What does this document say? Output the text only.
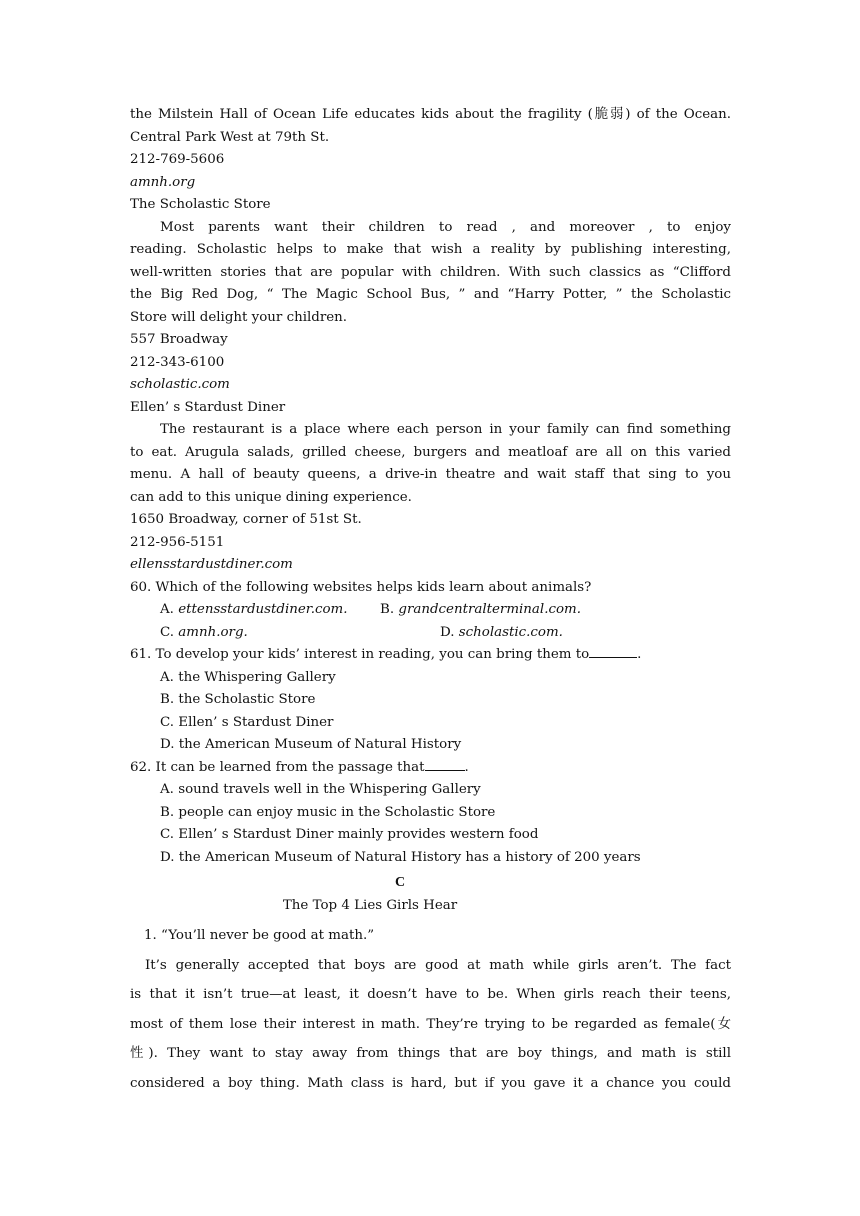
the Milstein Hall of Ocean Life educates kids about the fragility (脆弱) of the Ocean.

Central Park West at 79th St.

212-769-5606

amnh.org

The Scholastic Store

Most parents want their children to read , and moreover , to enjoy

reading. Scholastic helps to make that wish a reality by publishing interesting,

well-written stories that are popular with children. With such classics as “Clifford

the Big Red Dog, “ The Magic School Bus, ” and “Harry Potter, ” the Scholastic

Store will delight your children.

557 Broadway

212-343-6100

scholastic.com

Ellen’ s Stardust Diner

The restaurant is a place where each person in your family can find something

to eat. Arugula salads, grilled cheese, burgers and meatloaf are all on this varied

menu. A hall of beauty queens, a drive-in theatre and wait staff that sing to you

can add to this unique dining experience.

1650 Broadway, corner of 51st St.

212-956-5151

ellensstardustdiner.com

60. Which of the following websites helps kids learn about animals?

A. ettensstardustdiner.com.	B. grandcentralterminal.com.
C. amnh.org.	D. scholastic.com.

61. To develop your kids’ interest in reading, you can bring them to	.

A. the Whispering Gallery

B. the Scholastic Store

C. Ellen’ s Stardust Diner

D. the American Museum of Natural History

62. It can be learned from the passage that	.

A. sound travels well in the Whispering Gallery

B. people can enjoy music in the Scholastic Store

C. Ellen’ s Stardust Diner mainly provides western food

D. the American Museum of Natural History has a history of 200 years

C

The Top 4 Lies Girls Hear

1. “You’ll never be good at math.”

It’s generally accepted that boys are good at math while girls aren’t. The fact

is that it isn’t true—at least, it doesn’t have to be. When girls reach their teens,

most of them lose their interest in math. They’re trying to be regarded as female(女

性). They want to stay away from things that are boy things, and math is still

considered a boy thing. Math class is hard, but if you gave it a chance you could
